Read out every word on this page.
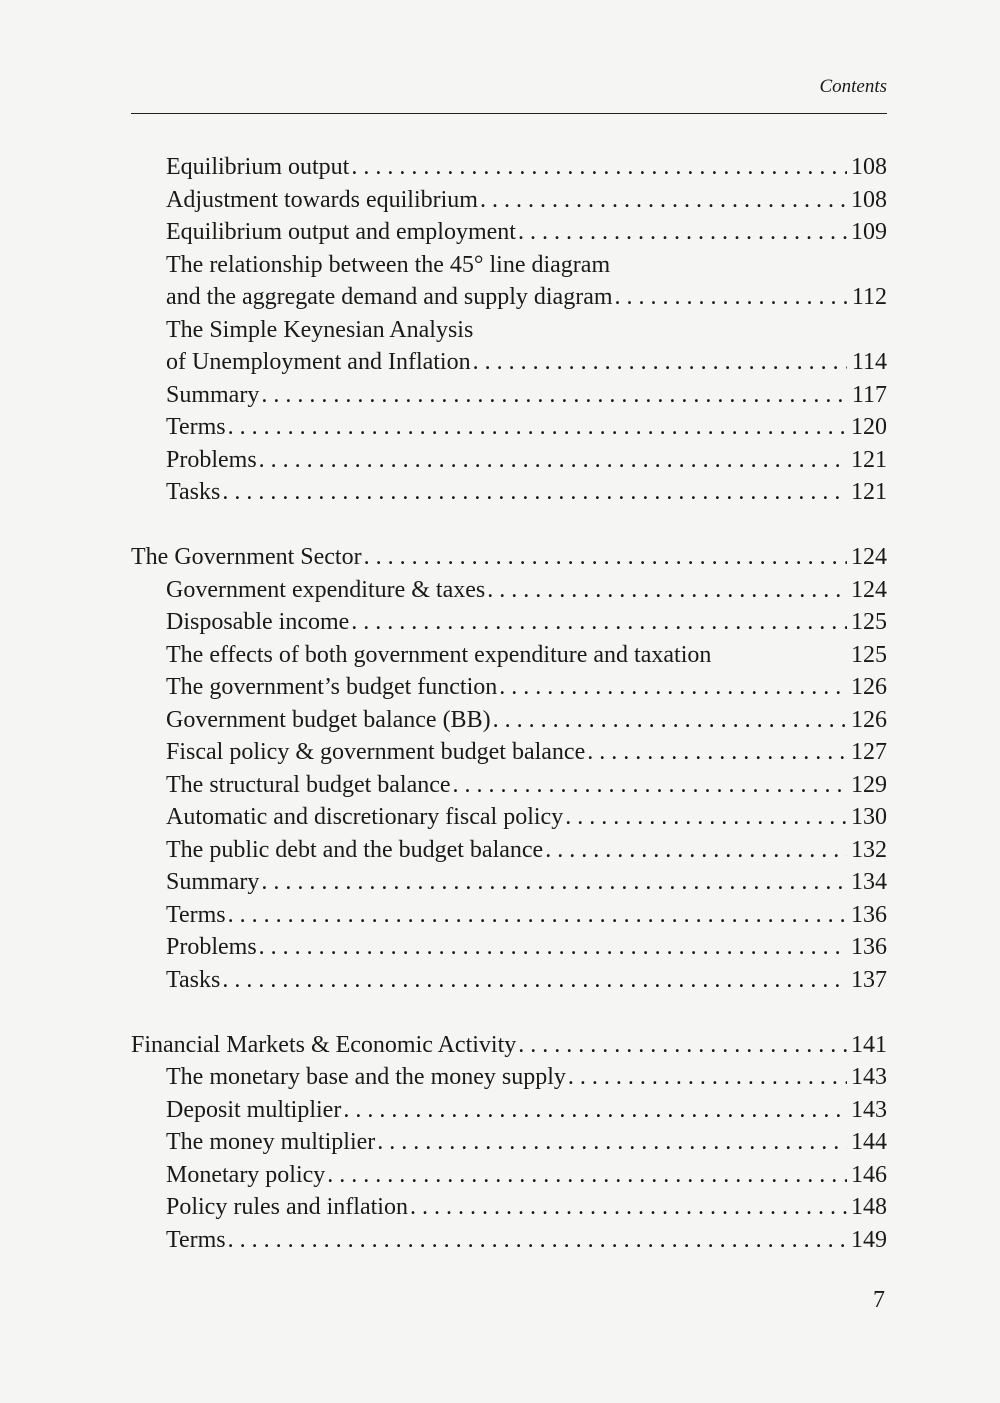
Contents
Equilibrium output . . .	108
Adjustment towards equilibrium . . .	108
Equilibrium output and employment . . .	109
The relationship between the 45° line diagram
and the aggregate demand and supply diagram . . .	112
The Simple Keynesian Analysis
of Unemployment and Inflation . . .	114
Summary . . .	117
Terms . . .	120
Problems . . .	121
Tasks . . .	121
The Government Sector . . .	124
Government expenditure & taxes . . .	124
Disposable income . . .	125
The effects of both government expenditure and taxation	125
The government’s budget function . . .	126
Government budget balance (BB) . . .	126
Fiscal policy & government budget balance . . .	127
The structural budget balance . . .	129
Automatic and discretionary fiscal policy . . .	130
The public debt and the budget balance . . .	132
Summary . . .	134
Terms . . .	136
Problems . . .	136
Tasks . . .	137
Financial Markets & Economic Activity . . .	141
The monetary base and the money supply . . .	143
Deposit multiplier . . .	143
The money multiplier . . .	144
Monetary policy . . .	146
Policy rules and inflation . . .	148
Terms . . .	149
7
